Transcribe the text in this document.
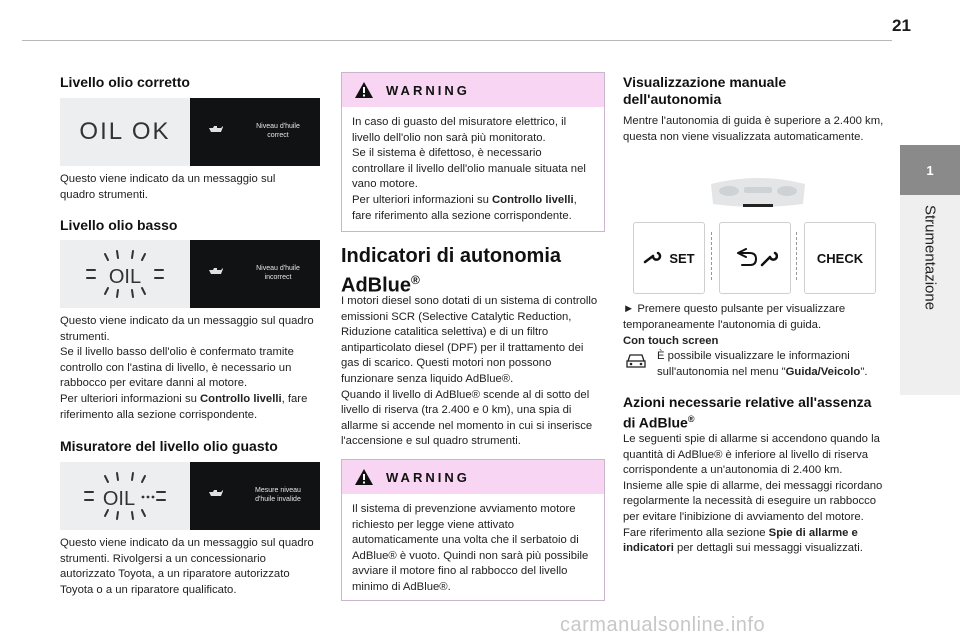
21
1
Strumentazione
Livello olio corretto
OIL OK	Niveau d'huile
correct

Questo viene indicato da un messaggio sul quadro strumenti.

Livello olio basso
OIL	Niveau d'huile
incorrect

Questo viene indicato da un messaggio sul quadro strumenti.

Se il livello basso dell'olio è confermato tramite controllo con l'astina di livello, è necessario un rabbocco per evitare danni al motore.

Per ulteriori informazioni su Controllo livelli, fare riferimento alla sezione corrispondente.

Misuratore del livello olio guasto
OIL	Mesure niveau
d'huile invalide

Questo viene indicato da un messaggio sul quadro strumenti. Rivolgersi a un concessionario autorizzato Toyota, a un riparatore autorizzato Toyota o a un riparatore qualificato.

WARNING

In caso di guasto del misuratore elettrico, il livello dell'olio non sarà più monitorato.

Se il sistema è difettoso, è necessario controllare il livello dell'olio manuale situata nel vano motore.

Per ulteriori informazioni su Controllo livelli, fare riferimento alla sezione corrispondente.

Indicatori di autonomia
AdBlue®

I motori diesel sono dotati di un sistema di controllo emissioni SCR (Selective Catalytic Reduction, Riduzione catalitica selettiva) e di un filtro antiparticolato diesel (DPF) per il trattamento dei gas di scarico. Questi motori non possono funzionare senza liquido AdBlue®.

Quando il livello di AdBlue® scende al di sotto del livello di riserva (tra 2.400 e 0 km), una spia di allarme si accende nel momento in cui si inserisce l'accensione e sul quadro strumenti.

WARNING

Il sistema di prevenzione avviamento motore richiesto per legge viene attivato automaticamente una volta che il serbatoio di AdBlue® è vuoto. Quindi non sarà più possibile avviare il motore fino al rabbocco del livello minimo di AdBlue®.

Visualizzazione manuale
dell'autonomia

Mentre l'autonomia di guida è superiore a 2.400 km, questa non viene visualizzata automaticamente.

SET	CHECK

► Premere questo pulsante per visualizzare temporaneamente l'autonomia di guida.

Con touch screen

È possibile visualizzare le informazioni sull'autonomia nel menu "Guida/Veicolo".

Azioni necessarie relative all'assenza
di AdBlue®

Le seguenti spie di allarme si accendono quando la quantità di AdBlue® è inferiore al livello di riserva corrispondente a un'autonomia di 2.400 km.

Insieme alle spie di allarme, dei messaggi ricordano regolarmente la necessità di eseguire un rabbocco per evitare l'inibizione di avviamento del motore. Fare riferimento alla sezione Spie di allarme e indicatori per dettagli sui messaggi visualizzati.

carmanualsonline.info
